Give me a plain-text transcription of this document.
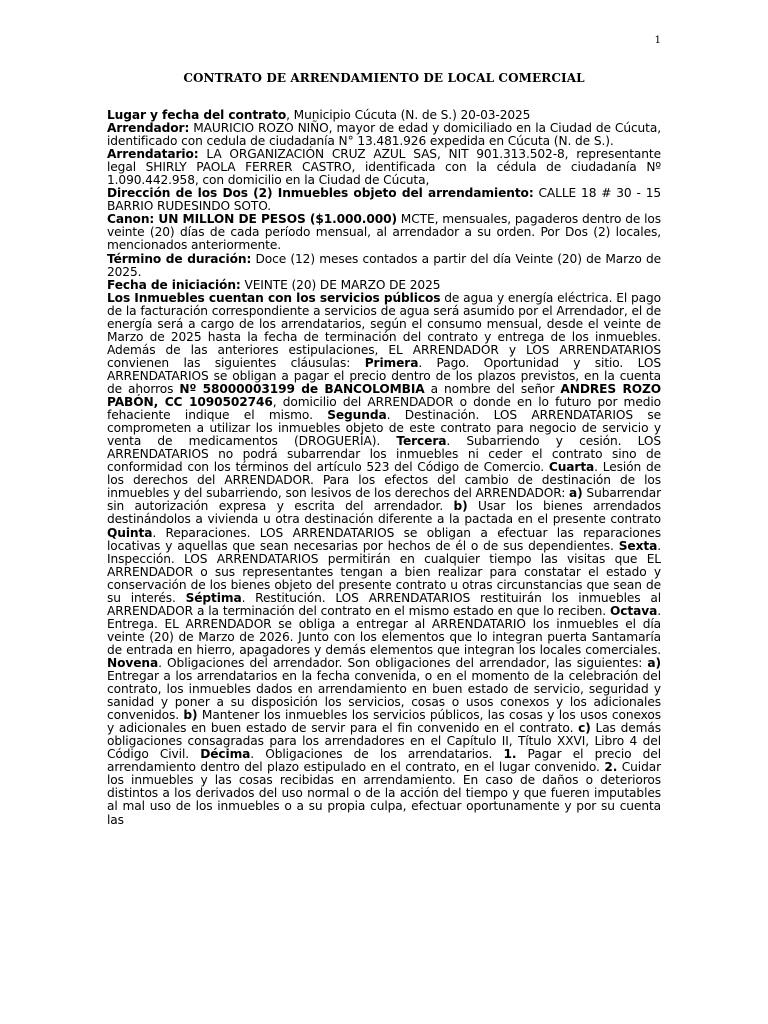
1
CONTRATO DE ARRENDAMIENTO DE LOCAL COMERCIAL

Lugar y fecha del contrato, Municipio Cúcuta (N. de S.) 20-03-2025

Arrendador: MAURICIO ROZO NIÑO, mayor de edad y domiciliado en la Ciudad de Cúcuta, identificado con cedula de ciudadanía N° 13.481.926 expedida en Cúcuta (N. de S.).

Arrendatario: LA ORGANIZACIÓN CRUZ AZUL SAS, NIT 901.313.502-8, representante legal SHIRLY PAOLA FERRER CASTRO, identificada con la cédula de ciudadanía Nº 1.090.442.958, con domicilio en la Ciudad de Cúcuta,

Dirección de los Dos (2) Inmuebles objeto del arrendamiento: CALLE 18 # 30 - 15 BARRIO RUDESINDO SOTO.

Canon: UN MILLON DE PESOS ($1.000.000) MCTE, mensuales, pagaderos dentro de los veinte (20) días de cada período mensual, al arrendador a su orden. Por Dos (2) locales, mencionados anteriormente.

Término de duración: Doce (12) meses contados a partir del día Veinte (20) de Marzo de 2025.

Fecha de iniciación: VEINTE (20) DE MARZO DE 2025

Los Inmuebles cuentan con los servicios públicos de agua y energía eléctrica. El pago de la facturación correspondiente a servicios de agua será asumido por el Arrendador, el de energía será a cargo de los arrendatarios, según el consumo mensual, desde el veinte de Marzo de 2025 hasta la fecha de terminación del contrato y entrega de los inmuebles. Además de las anteriores estipulaciones, EL ARRENDADOR y LOS ARRENDATARIOS convienen las siguientes cláusulas: Primera. Pago. Oportunidad y sitio. LOS ARRENDATARIOS se obligan a pagar el precio dentro de los plazos previstos, en la cuenta de ahorros Nº 58000003199 de BANCOLOMBIA a nombre del señor ANDRES ROZO PABÓN, CC 1090502746, domicilio del ARRENDADOR o donde en lo futuro por medio fehaciente indique el mismo. Segunda. Destinación. LOS ARRENDATARIOS se comprometen a utilizar los inmuebles objeto de este contrato para negocio de servicio y venta de medicamentos (DROGUERÍA). Tercera. Subarriendo y cesión. LOS ARRENDATARIOS no podrá subarrendar los inmuebles ni ceder el contrato sino de conformidad con los términos del artículo 523 del Código de Comercio. Cuarta. Lesión de los derechos del ARRENDADOR. Para los efectos del cambio de destinación de los inmuebles y del subarriendo, son lesivos de los derechos del ARRENDADOR: a) Subarrendar sin autorización expresa y escrita del arrendador. b) Usar los bienes arrendados destinándolos a vivienda u otra destinación diferente a la pactada en el presente contrato Quinta. Reparaciones. LOS ARRENDATARIOS se obligan a efectuar las reparaciones locativas y aquellas que sean necesarias por hechos de él o de sus dependientes. Sexta. Inspección. LOS ARRENDATARIOS permitirán en cualquier tiempo las visitas que EL ARRENDADOR o sus representantes tengan a bien realizar para constatar el estado y conservación de los bienes objeto del presente contrato u otras circunstancias que sean de su interés. Séptima. Restitución. LOS ARRENDATARIOS restituirán los inmuebles al ARRENDADOR a la terminación del contrato en el mismo estado en que lo reciben. Octava. Entrega. EL ARRENDADOR se obliga a entregar al ARRENDATARIO los inmuebles el día veinte (20) de Marzo de 2026. Junto con los elementos que lo integran puerta Santamaría de entrada en hierro, apagadores y demás elementos que integran los locales comerciales. Novena. Obligaciones del arrendador. Son obligaciones del arrendador, las siguientes: a) Entregar a los arrendatarios en la fecha convenida, o en el momento de la celebración del contrato, los inmuebles dados en arrendamiento en buen estado de servicio, seguridad y sanidad y poner a su disposición los servicios, cosas o usos conexos y los adicionales convenidos. b) Mantener los inmuebles los servicios públicos, las cosas y los usos conexos y adicionales en buen estado de servir para el fin convenido en el contrato. c) Las demás obligaciones consagradas para los arrendadores en el Capítulo II, Título XXVI, Libro 4 del Código Civil. Décima. Obligaciones de los arrendatarios. 1. Pagar el precio del arrendamiento dentro del plazo estipulado en el contrato, en el lugar convenido. 2. Cuidar los inmuebles y las cosas recibidas en arrendamiento. En caso de daños o deterioros distintos a los derivados del uso normal o de la acción del tiempo y que fueren imputables al mal uso de los inmuebles o a su propia culpa, efectuar oportunamente y por su cuenta las
